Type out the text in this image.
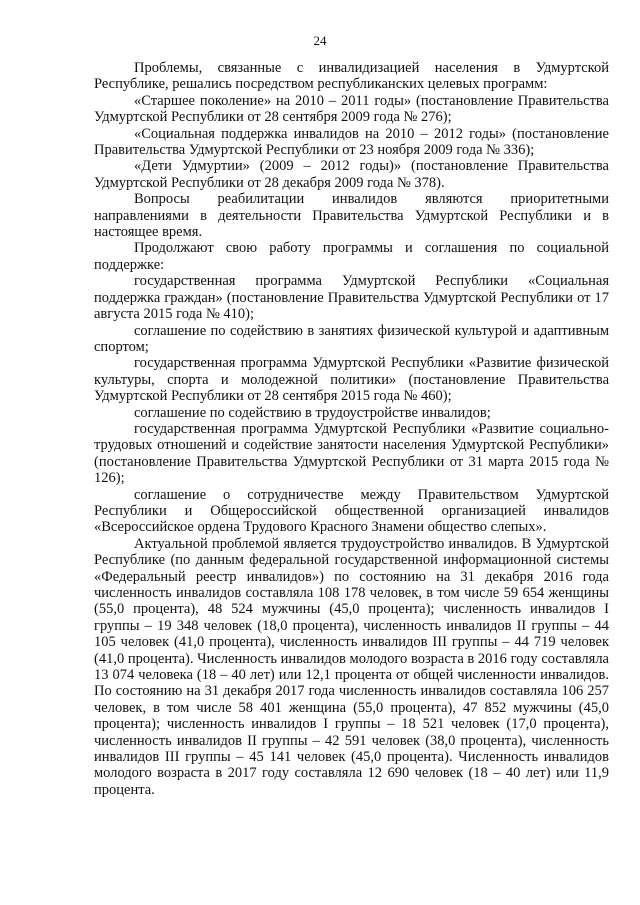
24

Проблемы, связанные с инвалидизацией населения в Удмуртской Республике, решались посредством республиканских целевых программ:

«Старшее поколение» на 2010 – 2011 годы» (постановление Правительства Удмуртской Республики от 28 сентября 2009 года № 276);

«Социальная поддержка инвалидов на 2010 – 2012 годы» (постановление Правительства Удмуртской Республики от 23 ноября 2009 года № 336);

«Дети Удмуртии» (2009 – 2012 годы)» (постановление Правительства Удмуртской Республики от 28 декабря 2009 года № 378).

Вопросы реабилитации инвалидов являются приоритетными направлениями в деятельности Правительства Удмуртской Республики и в настоящее время.

Продолжают свою работу программы и соглашения по социальной поддержке:

государственная программа Удмуртской Республики «Социальная поддержка граждан» (постановление Правительства Удмуртской Республики от 17 августа 2015 года № 410);

соглашение по содействию в занятиях физической культурой и адаптивным спортом;

государственная программа Удмуртской Республики «Развитие физической культуры, спорта и молодежной политики» (постановление Правительства Удмуртской Республики от 28 сентября 2015 года № 460);

соглашение по содействию в трудоустройстве инвалидов;

государственная программа Удмуртской Республики «Развитие социально-трудовых отношений и содействие занятости населения Удмуртской Республики» (постановление Правительства Удмуртской Республики от 31 марта 2015 года № 126);

соглашение о сотрудничестве между Правительством Удмуртской Республики и Общероссийской общественной организацией инвалидов «Всероссийское ордена Трудового Красного Знамени общество слепых».

Актуальной проблемой является трудоустройство инвалидов. В Удмуртской Республике (по данным федеральной государственной информационной системы «Федеральный реестр инвалидов») по состоянию на 31 декабря 2016 года численность инвалидов составляла 108 178 человек, в том числе 59 654 женщины (55,0 процента), 48 524 мужчины (45,0 процента); численность инвалидов I группы – 19 348 человек (18,0 процента), численность инвалидов II группы – 44 105 человек (41,0 процента), численность инвалидов III группы – 44 719 человек (41,0 процента). Численность инвалидов молодого возраста в 2016 году составляла 13 074 человека (18 – 40 лет) или 12,1 процента от общей численности инвалидов. По состоянию на 31 декабря 2017 года численность инвалидов составляла 106 257 человек, в том числе 58 401 женщина (55,0 процента), 47 852 мужчины (45,0 процента); численность инвалидов I группы – 18 521 человек (17,0 процента), численность инвалидов II группы – 42 591 человек (38,0 процента), численность инвалидов III группы – 45 141 человек (45,0 процента). Численность инвалидов молодого возраста в 2017 году составляла 12 690 человек (18 – 40 лет) или 11,9 процента.
